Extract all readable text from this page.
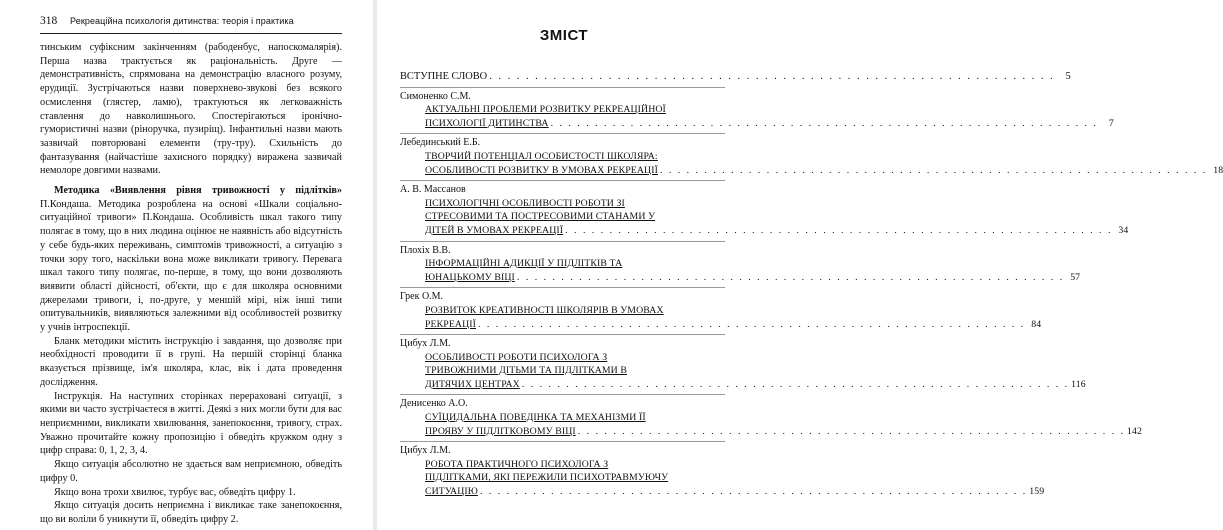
318 Рекреаційна психологія дитинства: теорія і практика

тинським суфіксним закінченням (рабоденбус, напоскомалярія). Перша назва трактується як раціональність. Друге — демонстративність, спрямована на демонстрацію власного розуму, ерудиції. Зустрічаються назви поверхнево-звукові без всякого осмислення (глястер, ламю), трактуються як легковажність ставлення до навколишнього. Спостерігаються іронічно-гумористичні назви (ріноручка, пузиріщ). Інфантильні назви мають зазвичай повторювані елементи (тру-тру). Схильність до фантазування (найчастіше захисного порядку) виражена зазвичай немолорe довгими назвами.

Методика «Виявлення рівня тривожності у підлітків» П.Кондаша. Методика розроблена на основі «Шкали соціально-ситуаційної тривоги» П.Кондаша. Особливість шкал такого типу полягає в тому, що в них людина оцінює не наявність або відсутність у себе будь-яких переживань, симптомів тривожності, а ситуацію з точки зору того, наскільки вона може викликати тривогу. Перевага шкал такого типу полягає, по-перше, в тому, що вони дозволяють виявити області дійсності, об'єкти, що є для школяра основними джерелами тривоги, і, по-друге, у меншій мірі, ніж інші типи опитувальників, виявляються залежними від особливостей розвитку у учнів інтроспекції.

Бланк методики містить інструкцію і завдання, що дозволяє при необхідності проводити її в групі. На першій сторінці бланка вказується прізвище, ім'я школяра, клас, вік і дата проведення дослідження.

Інструкція. На наступних сторінках перераховані ситуації, з якими ви часто зустрічаєтеся в житті. Деякі з них могли бути для вас неприємними, викликати хвилювання, занепокоєння, тривогу, страх. Уважно прочитайте кожну пропозицію і обведіть кружком одну з цифр справа: 0, 1, 2, 3, 4.

Якщо ситуація абсолютно не здається вам неприємною, обведіть цифру 0.

Якщо вона трохи хвилює, турбує вас, обведіть цифру 1.

Якщо ситуація досить неприємна і викликає таке занепокоєння, що ви воліли б уникнути її, обведіть цифру 2.

ЗМІСТ
ВСТУПНЕ СЛОВО . . . . . . . . . . . . . . . . . . . . . . . . . . . . . . . . . . . . . . . . . . . . . . . . . . . . . . . . . . . . . .	5
Симоненко С.М.
АКТУАЛЬНІ ПРОБЛЕМИ РОЗВИТКУ РЕКРЕАЦІЙНОЇ
ПСИХОЛОГІЇ ДИТИНСТВА . . . . . . . . . . . . . . . . . . . . . . . . . . . . . . . . . . . . . . . . . . . . . . . . . . . . . . . . . . . . . .	7
Лебединський Е.Б.
ТВОРЧИЙ ПОТЕНЦІАЛ ОСОБИСТОСТІ ШКОЛЯРА:
ОСОБЛИВОСТІ РОЗВИТКУ В УМОВАХ РЕКРЕАЦІЇ . . . . . . . . . . . . . . . . . . . . . . . . . . . . . . . . . . . . . . . . . . . . . . . . . . . . . . . . . . . . . . 18
А. В. Массанов
ПСИХОЛОГІЧНІ ОСОБЛИВОСТІ РОБОТИ ЗІ
СТРЕСОВИМИ ТА ПОСТРЕСОВИМИ СТАНАМИ У
ДІТЕЙ В УМОВАХ РЕКРЕАЦІЇ . . . . . . . . . . . . . . . . . . . . . . . . . . . . . . . . . . . . . . . . . . . . . . . . . . . . . . . . . . . . . . 34
Плохіх В.В.
ІНФОРМАЦІЙНІ АДИКЦІЇ У ПІДЛІТКІВ ТА
ЮНАЦЬКОМУ ВІЦІ . . . . . . . . . . . . . . . . . . . . . . . . . . . . . . . . . . . . . . . . . . . . . . . . . . . . . . . . . . . . . . 57
Грек О.М.
РОЗВИТОК КРЕАТИВНОСТІ ШКОЛЯРІВ В УМОВАХ
РЕКРЕАЦІЇ . . . . . . . . . . . . . . . . . . . . . . . . . . . . . . . . . . . . . . . . . . . . . . . . . . . . . . . . . . . . . . 84
Цибух Л.М.
ОСОБЛИВОСТІ РОБОТИ ПСИХОЛОГА З
ТРИВОЖНИМИ ДІТЬМИ ТА ПІДЛІТКАМИ В
ДИТЯЧИХ ЦЕНТРАХ . . . . . . . . . . . . . . . . . . . . . . . . . . . . . . . . . . . . . . . . . . . . . . . . . . . . . . . . . . . . . . 116
Денисенко А.О.
СУЇЦИДАЛЬНА ПОВЕДІНКА ТА МЕХАНІЗМИ ЇЇ
ПРОЯВУ У ПІДЛІТКОВОМУ ВІЦІ . . . . . . . . . . . . . . . . . . . . . . . . . . . . . . . . . . . . . . . . . . . . . . . . . . . . . . . . . . . . . . 142
Цибух Л.М.
РОБОТА ПРАКТИЧНОГО ПСИХОЛОГА З
ПІДЛІТКАМИ, ЯКІ ПЕРЕЖИЛИ ПСИХОТРАВМУЮЧУ
СИТУАЦІЮ . . . . . . . . . . . . . . . . . . . . . . . . . . . . . . . . . . . . . . . . . . . . . . . . . . . . . . . . . . . . . . 159
